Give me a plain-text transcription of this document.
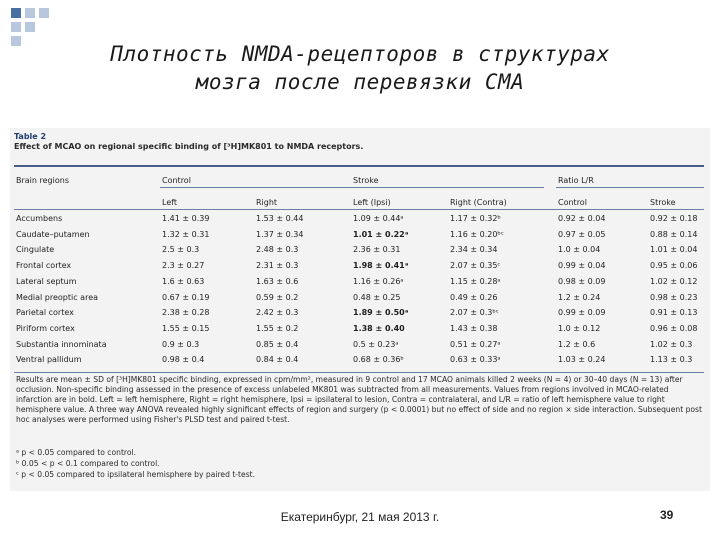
Плотность NMDA-рецепторов в структурах
мозга после перевязки СМА
Table 2
Effect of MCAO on regional specific binding of [³H]MK801 to NMDA receptors.
Brain regions	Control	Stroke	Ratio L/R
Left	Right	Left (Ipsi)	Right (Contra)	Control	Stroke
Accumbens	1.41 ± 0.39	1.53 ± 0.44	1.09 ± 0.44ᵃ	1.17 ± 0.32ᵇ	0.92 ± 0.04	0.92 ± 0.18
Caudate–putamen	1.32 ± 0.31	1.37 ± 0.34	1.01 ± 0.22ᵃ	1.16 ± 0.20ᵇᶜ	0.97 ± 0.05	0.88 ± 0.14
Cingulate	2.5 ± 0.3	2.48 ± 0.3	2.36 ± 0.31	2.34 ± 0.34	1.0 ± 0.04	1.01 ± 0.04
Frontal cortex	2.3 ± 0.27	2.31 ± 0.3	1.98 ± 0.41ᵃ	2.07 ± 0.35ᶜ	0.99 ± 0.04	0.95 ± 0.06
Lateral septum	1.6 ± 0.63	1.63 ± 0.6	1.16 ± 0.26ᵃ	1.15 ± 0.28ᵃ	0.98 ± 0.09	1.02 ± 0.12
Medial preoptic area	0.67 ± 0.19	0.59 ± 0.2	0.48 ± 0.25	0.49 ± 0.26	1.2 ± 0.24	0.98 ± 0.23
Parietal cortex	2.38 ± 0.28	2.42 ± 0.3	1.89 ± 0.50ᵃ	2.07 ± 0.3ᵇᶜ	0.99 ± 0.09	0.91 ± 0.13
Piriform cortex	1.55 ± 0.15	1.55 ± 0.2	1.38 ± 0.40	1.43 ± 0.38	1.0 ± 0.12	0.96 ± 0.08
Substantia innominata	0.9 ± 0.3	0.85 ± 0.4	0.5 ± 0.23ᵃ	0.51 ± 0.27ᵃ	1.2 ± 0.6	1.02 ± 0.3
Ventral pallidum	0.98 ± 0.4	0.84 ± 0.4	0.68 ± 0.36ᵇ	0.63 ± 0.33ᵃ	1.03 ± 0.24	1.13 ± 0.3
Results are mean ± SD of [³H]MK801 specific binding, expressed in cpm/mm², measured in 9 control and 17 MCAO animals killed 2 weeks (N = 4) or 30–40 days (N = 13) after occlusion. Non-specific binding assessed in the presence of excess unlabeled MK801 was subtracted from all measurements. Values from regions involved in MCAO-related infarction are in bold. Left = left hemisphere, Right = right hemisphere, Ipsi = ipsilateral to lesion, Contra = contralateral, and L/R = ratio of left hemisphere value to right hemisphere value. A three way ANOVA revealed highly significant effects of region and surgery (p < 0.0001) but no effect of side and no region × side interaction. Subsequent post hoc analyses were performed using Fisher's PLSD test and paired t-test.
ᵃ p < 0.05 compared to control.
ᵇ 0.05 < p < 0.1 compared to control.
ᶜ p < 0.05 compared to ipsilateral hemisphere by paired t-test.
Екатеринбург, 21 мая 2013 г.	39
